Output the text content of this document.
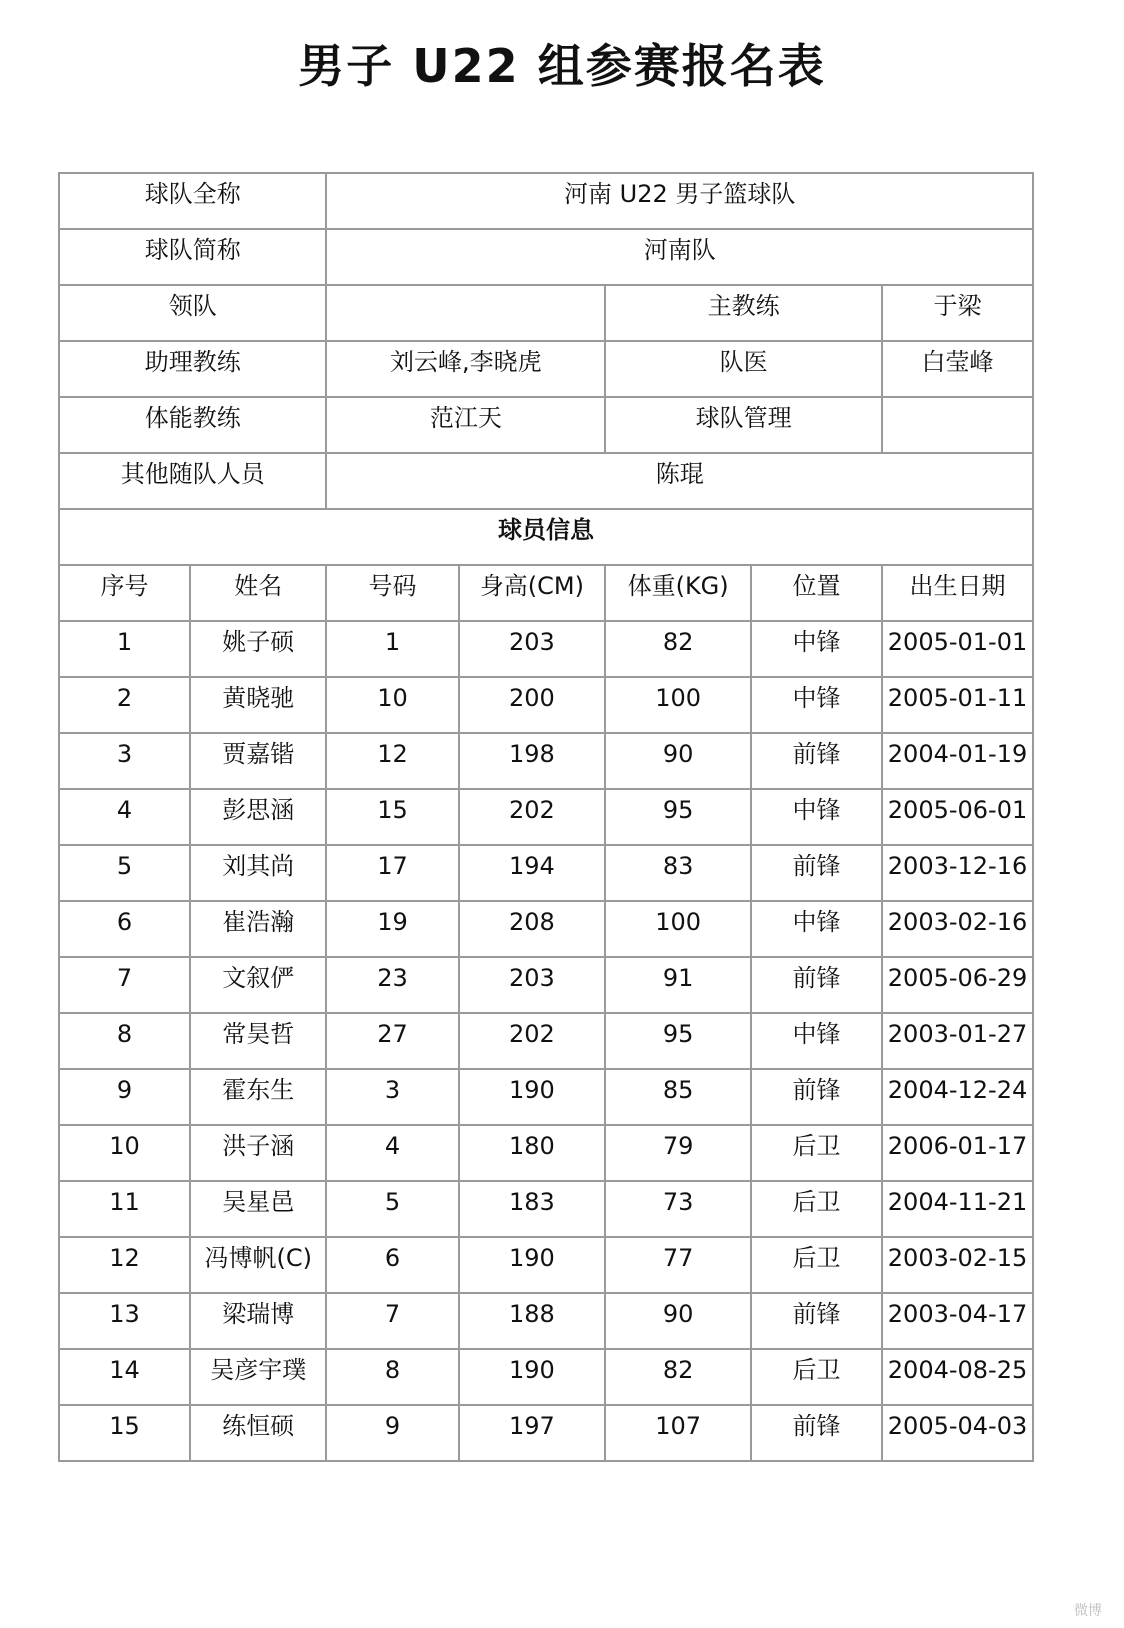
男子 U22 组参赛报名表
球队全称		河南 U22 男子篮球队				
球队简称		河南队				
领队				主教练		于梁
助理教练		刘云峰,李晓虎		队医		白莹峰
体能教练		范江天		球队管理		
其他随队人员		陈琨				
球员信息						
序号	姓名	号码	身高(CM)	体重(KG)	位置	出生日期
1	姚子硕	1	203	82	中锋	2005-01-01
2	黄晓驰	10	200	100	中锋	2005-01-11
3	贾嘉锴	12	198	90	前锋	2004-01-19
4	彭思涵	15	202	95	中锋	2005-06-01
5	刘其尚	17	194	83	前锋	2003-12-16
6	崔浩瀚	19	208	100	中锋	2003-02-16
7	文叙俨	23	203	91	前锋	2005-06-29
8	常昊哲	27	202	95	中锋	2003-01-27
9	霍东生	3	190	85	前锋	2004-12-24
10	洪子涵	4	180	79	后卫	2006-01-17
11	吴星邑	5	183	73	后卫	2004-11-21
12	冯博帆(C)	6	190	77	后卫	2003-02-15
13	梁瑞博	7	188	90	前锋	2003-04-17
14	吴彦宇璞	8	190	82	后卫	2004-08-25
15	练恒硕	9	197	107	前锋	2005-04-03
微博
